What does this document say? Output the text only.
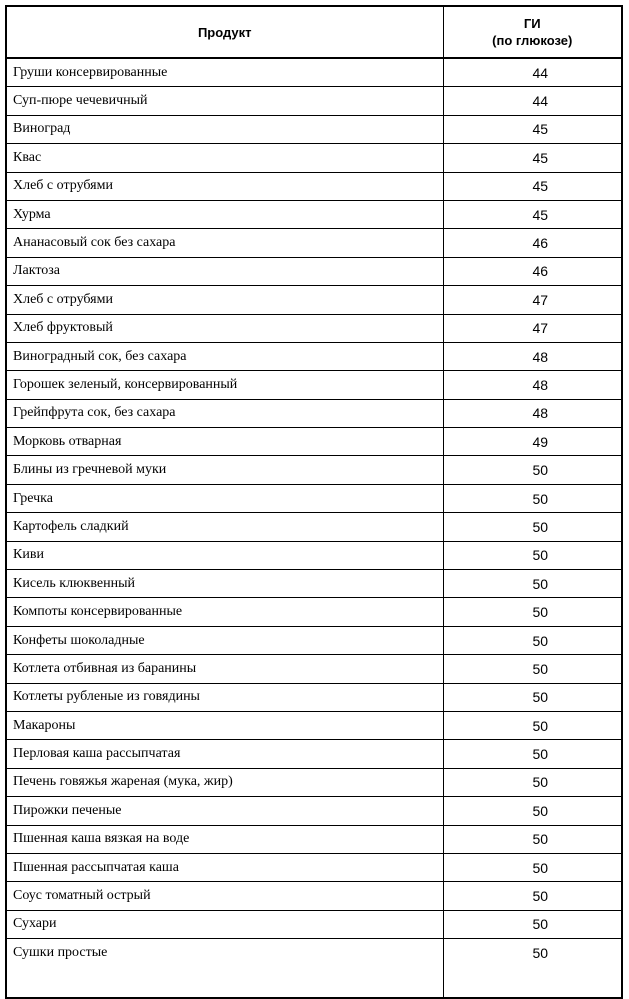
Продукт	ГИ
(по глюкозе)

Груши консервированные	44
Суп-пюре чечевичный	44
Виноград	45
Квас	45
Хлеб с отрубями	45
Хурма	45
Ананасовый сок без сахара	46
Лактоза	46
Хлеб с отрубями	47
Хлеб фруктовый	47
Виноградный сок, без сахара	48
Горошек зеленый, консервированный	48
Грейпфрута сок, без сахара	48
Морковь отварная	49
Блины из гречневой муки	50
Гречка	50
Картофель сладкий	50
Киви	50
Кисель клюквенный	50
Компоты консервированные	50
Конфеты шоколадные	50
Котлета отбивная из баранины	50
Котлеты рубленые из говядины	50
Макароны	50
Перловая каша рассыпчатая	50
Печень говяжья жареная (мука, жир)	50
Пирожки печеные	50
Пшенная каша вязкая на воде	50
Пшенная рассыпчатая каша	50
Соус томатный острый	50
Сухари	50
Сушки простые	50
